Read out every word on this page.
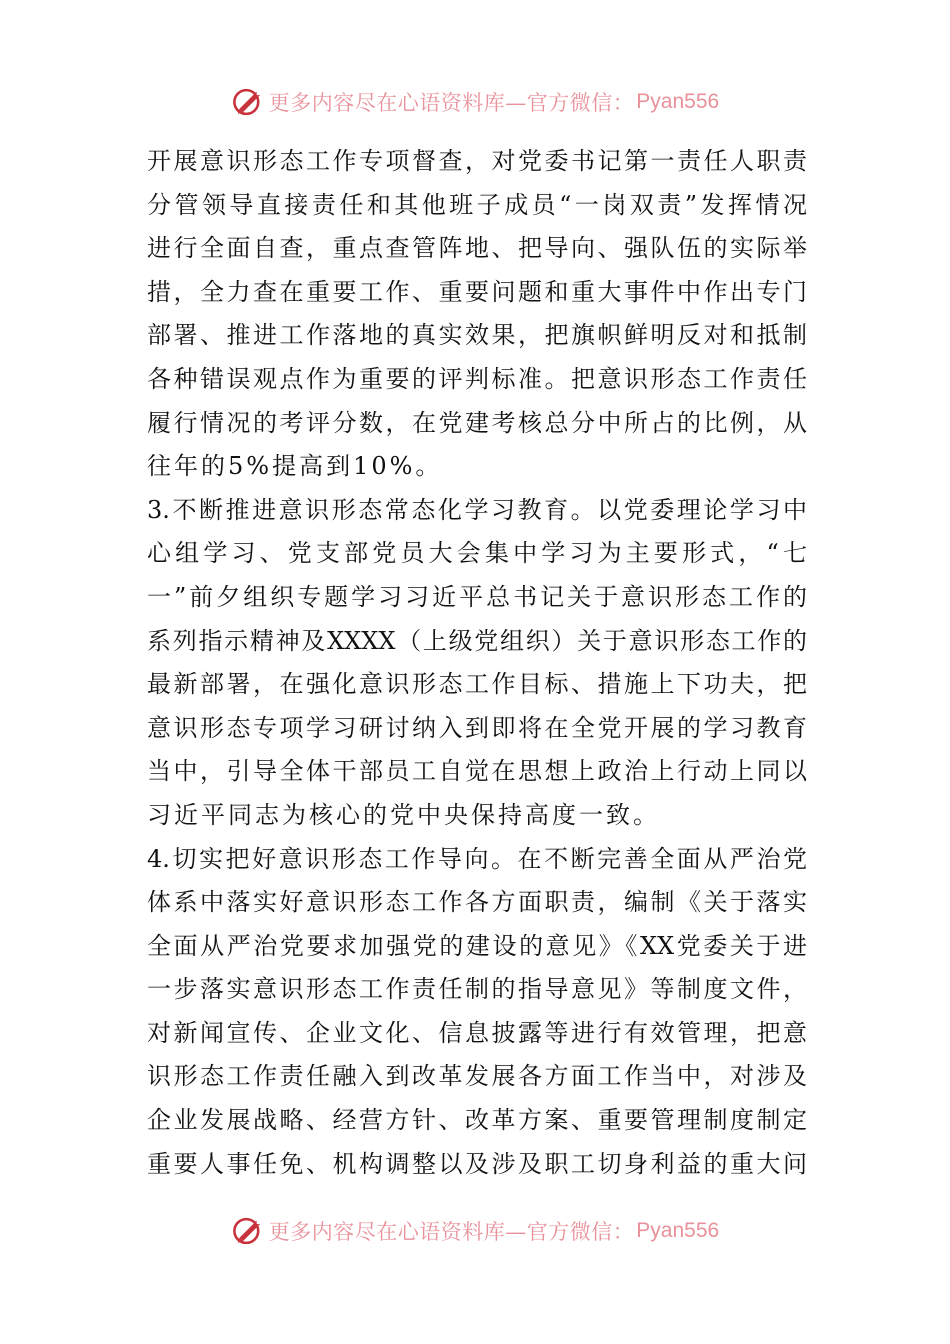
更多内容尽在心语资料库—官方微信： Pyan556
开展意识形态工作专项督查，对党委书记第一责任人职责
分管领导直接责任和其他班子成员“一岗双责”发挥情况
进行全面自查，重点查管阵地、把导向、强队伍的实际举
措，全力查在重要工作、重要问题和重大事件中作出专门
部署、推进工作落地的真实效果，把旗帜鲜明反对和抵制
各种错误观点作为重要的评判标准。把意识形态工作责任
履行情况的考评分数，在党建考核总分中所占的比例，从
往年的5%提高到10%。
3.不断推进意识形态常态化学习教育。以党委理论学习中
心组学习、党支部党员大会集中学习为主要形式，“七
一”前夕组织专题学习习近平总书记关于意识形态工作的
系列指示精神及XXXX（上级党组织）关于意识形态工作的
最新部署，在强化意识形态工作目标、措施上下功夫，把
意识形态专项学习研讨纳入到即将在全党开展的学习教育
当中，引导全体干部员工自觉在思想上政治上行动上同以
习近平同志为核心的党中央保持高度一致。
4.切实把好意识形态工作导向。在不断完善全面从严治党
体系中落实好意识形态工作各方面职责，编制《关于落实
全面从严治党要求加强党的建设的意见》《XX党委关于进
一步落实意识形态工作责任制的指导意见》等制度文件，
对新闻宣传、企业文化、信息披露等进行有效管理，把意
识形态工作责任融入到改革发展各方面工作当中，对涉及
企业发展战略、经营方针、改革方案、重要管理制度制定
重要人事任免、机构调整以及涉及职工切身利益的重大问
更多内容尽在心语资料库—官方微信： Pyan556
